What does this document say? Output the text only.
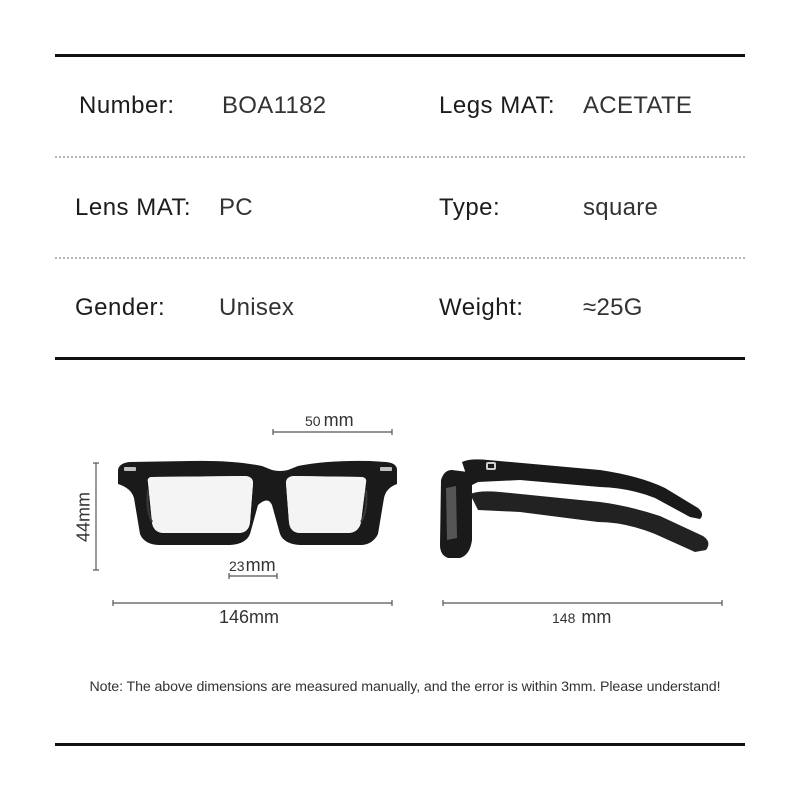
Number: BOA1182	Legs MAT: ACETATE
Lens MAT: PC	Type:	square
Gender: Unisex	Weight: ≈25G
50 mm
44mm
23mm
146mm	148 mm
Note: The above dimensions are measured manually, and the error is within 3mm. Please understand!
